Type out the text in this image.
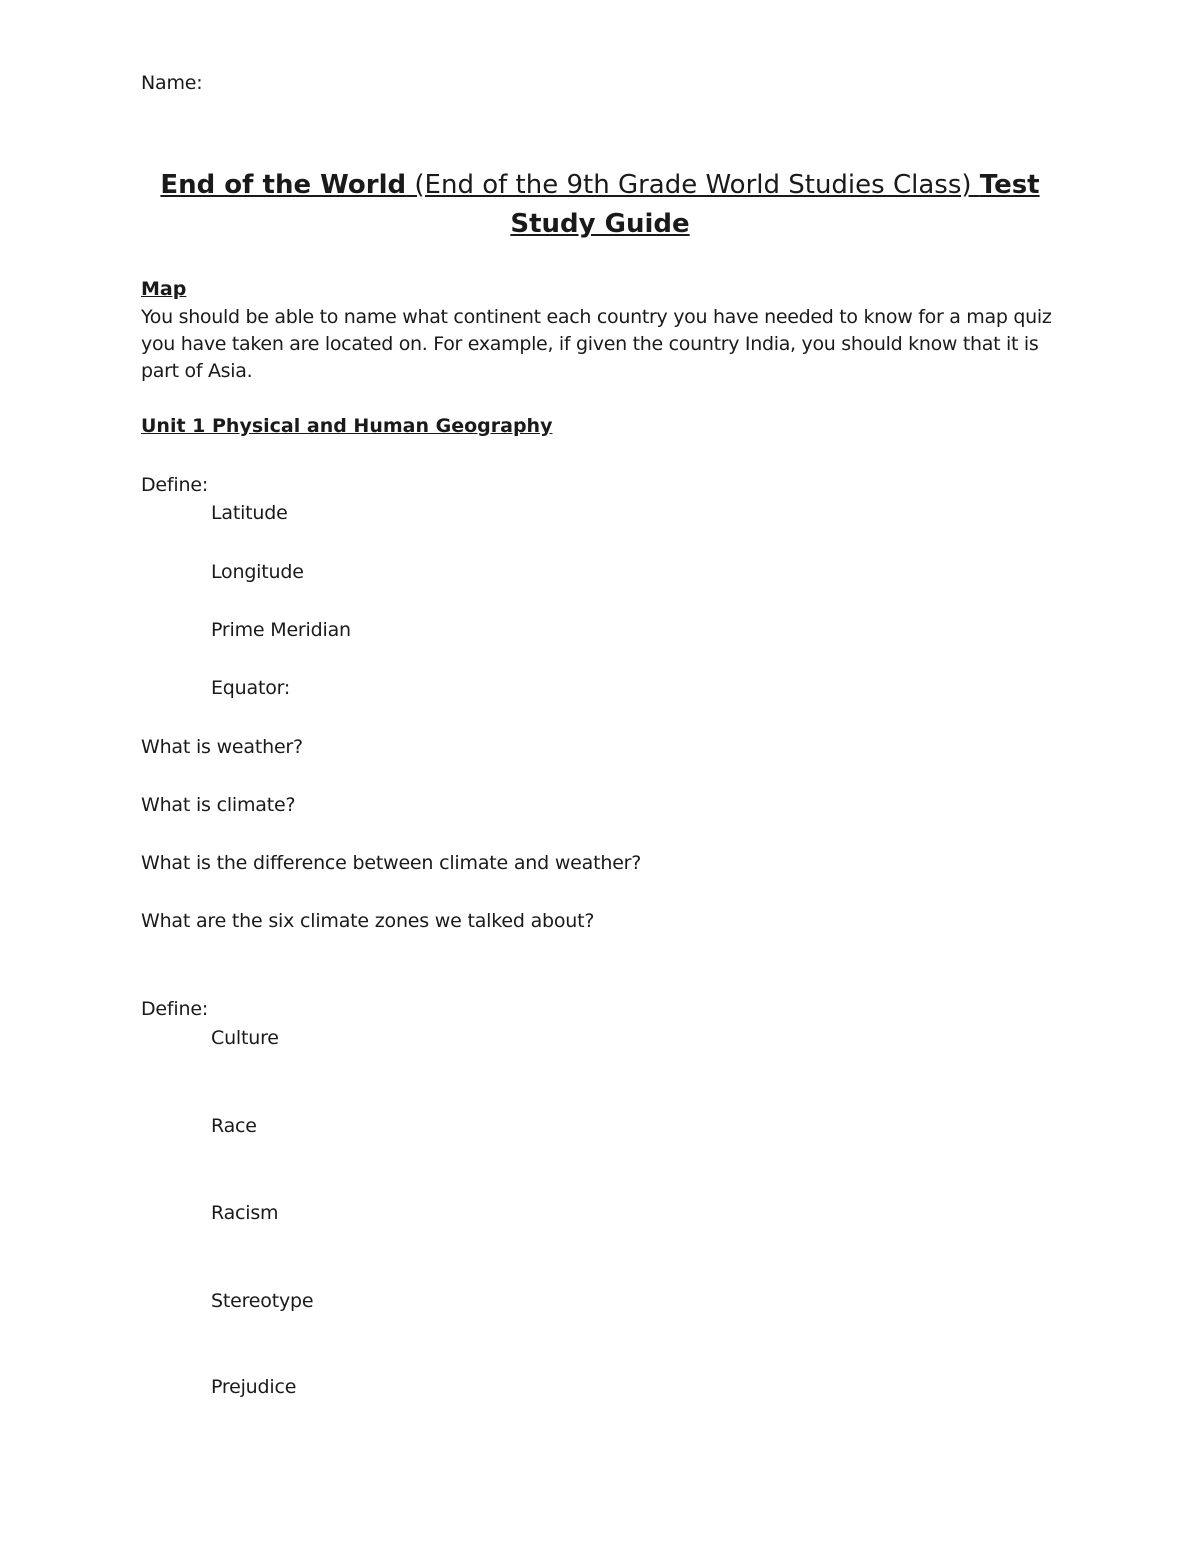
Name:

End of the World (End of the 9th Grade World Studies Class) Test
Study Guide

Map

You should be able to name what continent each country you have needed to know for a map quiz you have taken are located on. For example, if given the country India, you should know that it is part of Asia.

Unit 1 Physical and Human Geography

Define:

Latitude

Longitude

Prime Meridian

Equator:

What is weather?

What is climate?

What is the difference between climate and weather?

What are the six climate zones we talked about?

Define:

Culture

Race

Racism

Stereotype

Prejudice
